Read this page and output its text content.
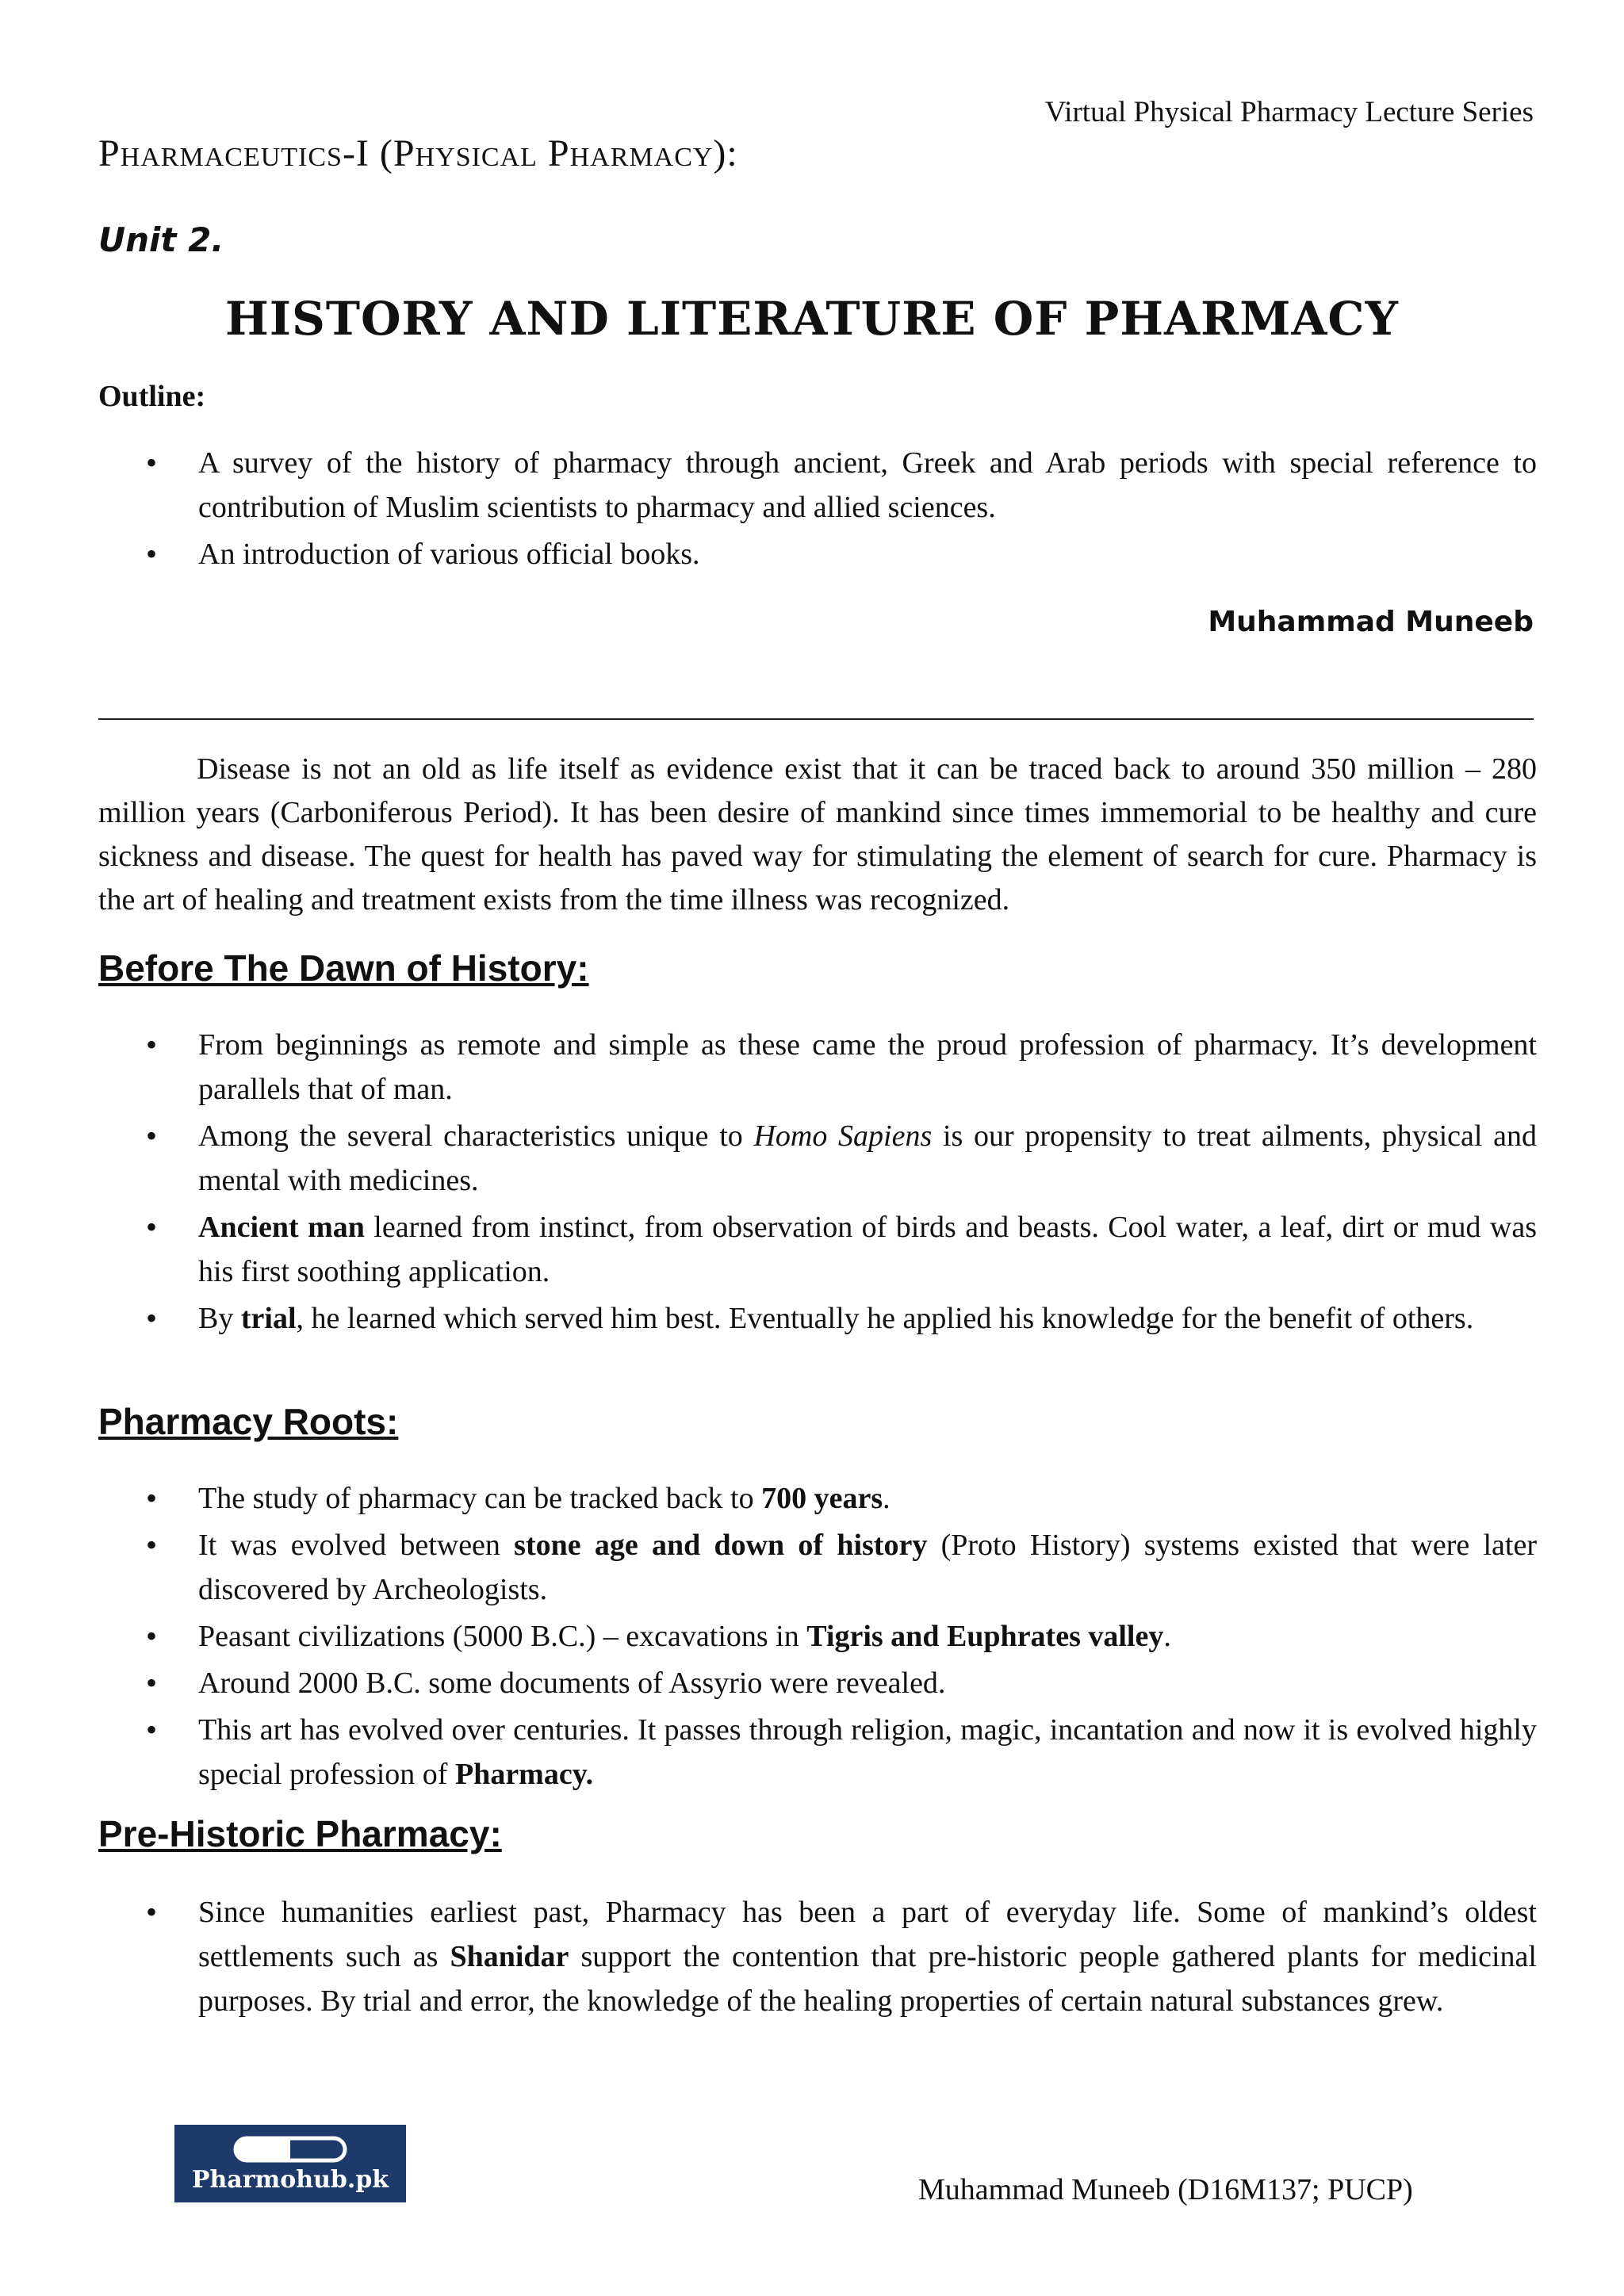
Virtual Physical Pharmacy Lecture Series
Pharmaceutics-I (Physical Pharmacy):
Unit 2.
HISTORY AND LITERATURE OF PHARMACY
Outline:
• A survey of the history of pharmacy through ancient, Greek and Arab periods with special reference to contribution of Muslim scientists to pharmacy and allied sciences.
• An introduction of various official books.
Muhammad Muneeb

Disease is not an old as life itself as evidence exist that it can be traced back to around 350 million – 280 million years (Carboniferous Period). It has been desire of mankind since times immemorial to be healthy and cure sickness and disease. The quest for health has paved way for stimulating the element of search for cure. Pharmacy is the art of healing and treatment exists from the time illness was recognized.

Before The Dawn of History:
• From beginnings as remote and simple as these came the proud profession of pharmacy. It’s development parallels that of man.
• Among the several characteristics unique to Homo Sapiens is our propensity to treat ailments, physical and mental with medicines.
• Ancient man learned from instinct, from observation of birds and beasts. Cool water, a leaf, dirt or mud was his first soothing application.
• By trial, he learned which served him best. Eventually he applied his knowledge for the benefit of others.
Pharmacy Roots:
• The study of pharmacy can be tracked back to 700 years.
• It was evolved between stone age and down of history (Proto History) systems existed that were later discovered by Archeologists.
• Peasant civilizations (5000 B.C.) – excavations in Tigris and Euphrates valley.
• Around 2000 B.C. some documents of Assyrio were revealed.
• This art has evolved over centuries. It passes through religion, magic, incantation and now it is evolved highly special profession of Pharmacy.
Pre-Historic Pharmacy:
• Since humanities earliest past, Pharmacy has been a part of everyday life. Some of mankind’s oldest settlements such as Shanidar support the contention that pre-historic people gathered plants for medicinal purposes. By trial and error, the knowledge of the healing properties of certain natural substances grew.
Pharmohub.pk	Muhammad Muneeb (D16M137; PUCP)
